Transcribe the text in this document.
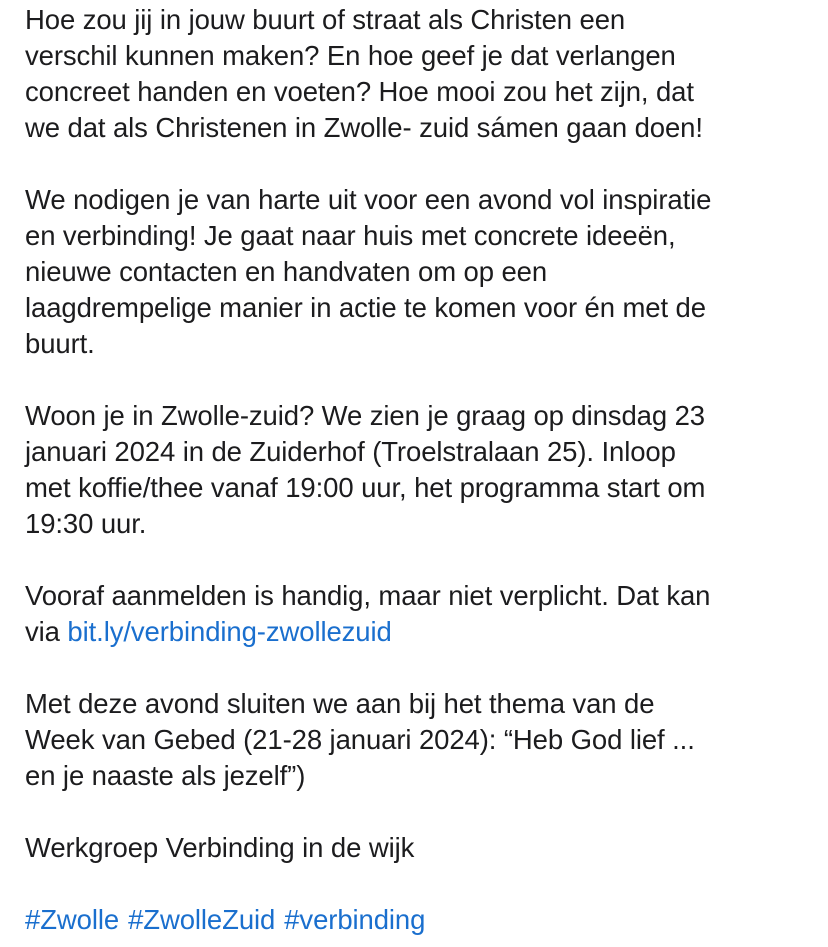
Hoe zou jij in jouw buurt of straat als Christen een
verschil kunnen maken? En hoe geef je dat verlangen
concreet handen en voeten? Hoe mooi zou het zijn, dat
we dat als Christenen in Zwolle- zuid sámen gaan doen!
We nodigen je van harte uit voor een avond vol inspiratie
en verbinding! Je gaat naar huis met concrete ideeën,
nieuwe contacten en handvaten om op een
laagdrempelige manier in actie te komen voor én met de
buurt.
Woon je in Zwolle-zuid? We zien je graag op dinsdag 23
januari 2024 in de Zuiderhof (Troelstralaan 25). Inloop
met koffie/thee vanaf 19:00 uur, het programma start om
19:30 uur.
Vooraf aanmelden is handig, maar niet verplicht. Dat kan
via bit.ly/verbinding-zwollezuid
Met deze avond sluiten we aan bij het thema van de
Week van Gebed (21-28 januari 2024): “Heb God lief ...
en je naaste als jezelf”)
Werkgroep Verbinding in de wijk
#Zwolle #ZwolleZuid #verbinding
